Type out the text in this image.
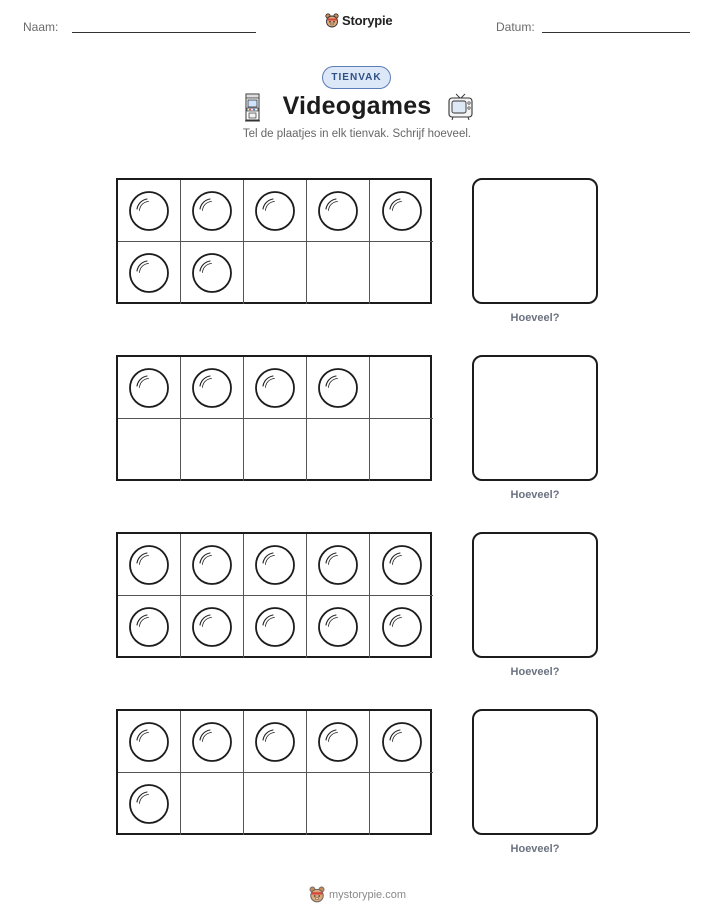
Naam:	Storypie	Datum:
TIENVAK
Videogames
Tel de plaatjes in elk tienvak. Schrijf hoeveel.
Hoeveel?
Hoeveel?
Hoeveel?
Hoeveel?
mystorypie.com
